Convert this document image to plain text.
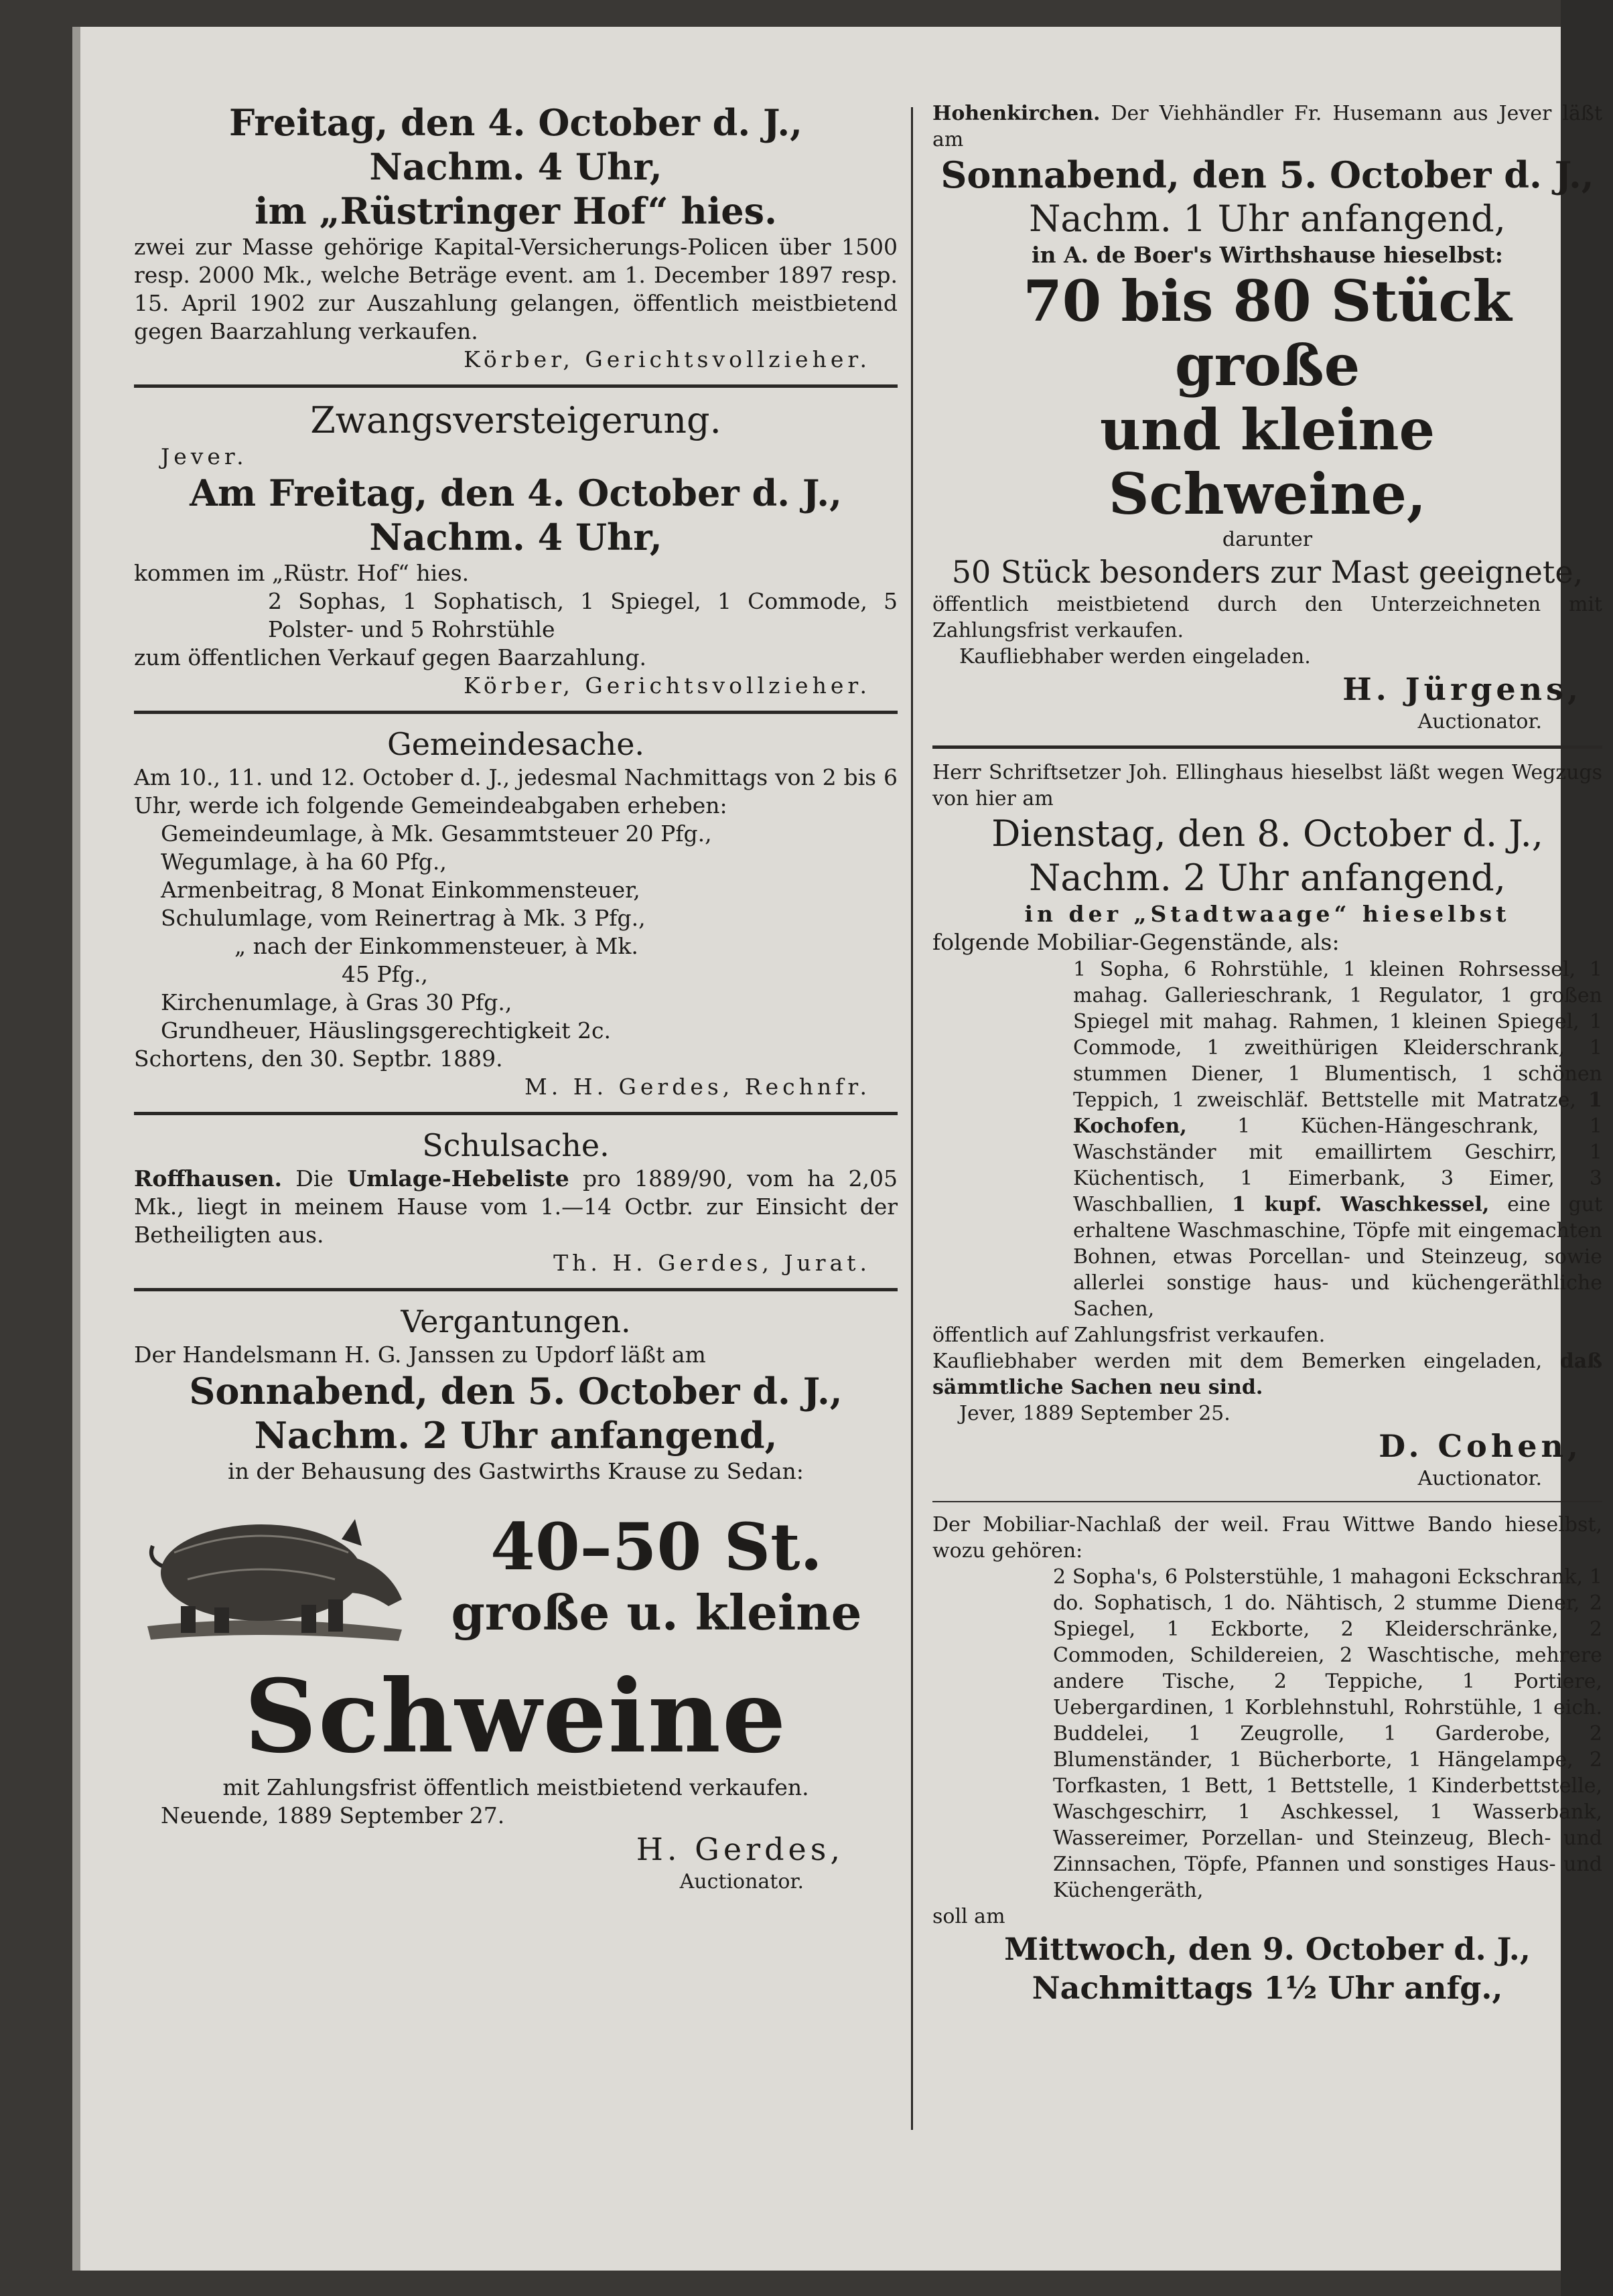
Freitag, den 4. October d. J.,

Nachm. 4 Uhr,

im „Rüstringer Hof“ hies.

zwei zur Masse gehörige Kapital-Versicherungs-Policen über 1500 resp. 2000 Mk., welche Beträge event. am 1. December 1897 resp. 15. April 1902 zur Auszahlung gelangen, öffentlich meistbietend gegen Baarzahlung verkaufen.

Körber, Gerichtsvollzieher.

Zwangsversteigerung.

Jever.

Am Freitag, den 4. October d. J.,

Nachm. 4 Uhr,

kommen im „Rüstr. Hof“ hies.

2 Sophas, 1 Sophatisch, 1 Spiegel, 1 Commode, 5 Polster- und 5 Rohrstühle

zum öffentlichen Verkauf gegen Baarzahlung.

Körber, Gerichtsvollzieher.

Gemeindesache.

Am 10., 11. und 12. October d. J., jedesmal Nachmittags von 2 bis 6 Uhr, werde ich folgende Gemeindeabgaben erheben:

Gemeindeumlage, à Mk. Gesammtsteuer 20 Pfg.,

Wegumlage, à ha 60 Pfg.,

Armenbeitrag, 8 Monat Einkommensteuer,

Schulumlage, vom Reinertrag à Mk. 3 Pfg.,

„ nach der Einkommensteuer, à Mk.

45 Pfg.,

Kirchenumlage, à Gras 30 Pfg.,

Grundheuer, Häuslingsgerechtigkeit 2c.

Schortens, den 30. Septbr. 1889.

M. H. Gerdes, Rechnfr.

Schulsache.

Roffhausen. Die Umlage-Hebeliste pro 1889/90, vom ha 2,05 Mk., liegt in meinem Hause vom 1.—14 Octbr. zur Einsicht der Betheiligten aus.

Th. H. Gerdes, Jurat.

Vergantungen.

Der Handelsmann H. G. Janssen zu Updorf läßt am

Sonnabend, den 5. October d. J.,

Nachm. 2 Uhr anfangend,

in der Behausung des Gastwirths Krause zu Sedan:

40–50 St.

große u. kleine

Schweine

mit Zahlungsfrist öffentlich meistbietend verkaufen.

Neuende, 1889 September 27.

H. Gerdes,

Auctionator.

Hohenkirchen. Der Viehhändler Fr. Husemann aus Jever läßt am

Sonnabend, den 5. October d. J.,

Nachm. 1 Uhr anfangend,

in A. de Boer's Wirthshause hieselbst:

70 bis 80 Stück große

und kleine Schweine,

darunter

50 Stück besonders zur Mast geeignete,

öffentlich meistbietend durch den Unterzeichneten mit Zahlungsfrist verkaufen.

Kaufliebhaber werden eingeladen.

H. Jürgens,

Auctionator.

Herr Schriftsetzer Joh. Ellinghaus hieselbst läßt wegen Wegzugs von hier am

Dienstag, den 8. October d. J.,

Nachm. 2 Uhr anfangend,

in der „Stadtwaage“ hieselbst

folgende Mobiliar-Gegenstände, als:

1 Sopha, 6 Rohrstühle, 1 kleinen Rohrsessel, 1 mahag. Gallerieschrank, 1 Regulator, 1 großen Spiegel mit mahag. Rahmen, 1 kleinen Spiegel, 1 Commode, 1 zweithürigen Kleiderschrank, 1 stummen Diener, 1 Blumentisch, 1 schönen Teppich, 1 zweischläf. Bettstelle mit Matratze, 1 Kochofen, 1 Küchen-Hängeschrank, 1 Waschständer mit emaillirtem Geschirr, 1 Küchentisch, 1 Eimerbank, 3 Eimer, 3 Waschballien, 1 kupf. Waschkessel, eine gut erhaltene Waschmaschine, Töpfe mit eingemachten Bohnen, etwas Porcellan- und Steinzeug, sowie allerlei sonstige haus- und küchengeräthliche Sachen,

öffentlich auf Zahlungsfrist verkaufen.

Kaufliebhaber werden mit dem Bemerken eingeladen, daß sämmtliche Sachen neu sind.

Jever, 1889 September 25.

D. Cohen,

Auctionator.

Der Mobiliar-Nachlaß der weil. Frau Wittwe Bando hieselbst, wozu gehören:

2 Sopha's, 6 Polsterstühle, 1 mahagoni Eckschrank, 1 do. Sophatisch, 1 do. Nähtisch, 2 stumme Diener, 2 Spiegel, 1 Eckborte, 2 Kleiderschränke, 2 Commoden, Schildereien, 2 Waschtische, mehrere andere Tische, 2 Teppiche, 1 Portiere, Uebergardinen, 1 Korblehnstuhl, Rohrstühle, 1 eich. Buddelei, 1 Zeugrolle, 1 Garderobe, 2 Blumenständer, 1 Bücherborte, 1 Hängelampe, 2 Torfkasten, 1 Bett, 1 Bettstelle, 1 Kinderbettstelle, Waschgeschirr, 1 Aschkessel, 1 Wasserbank, Wassereimer, Porzellan- und Steinzeug, Blech- und Zinnsachen, Töpfe, Pfannen und sonstiges Haus- und Küchengeräth,

soll am

Mittwoch, den 9. October d. J.,

Nachmittags 1½ Uhr anfg.,
